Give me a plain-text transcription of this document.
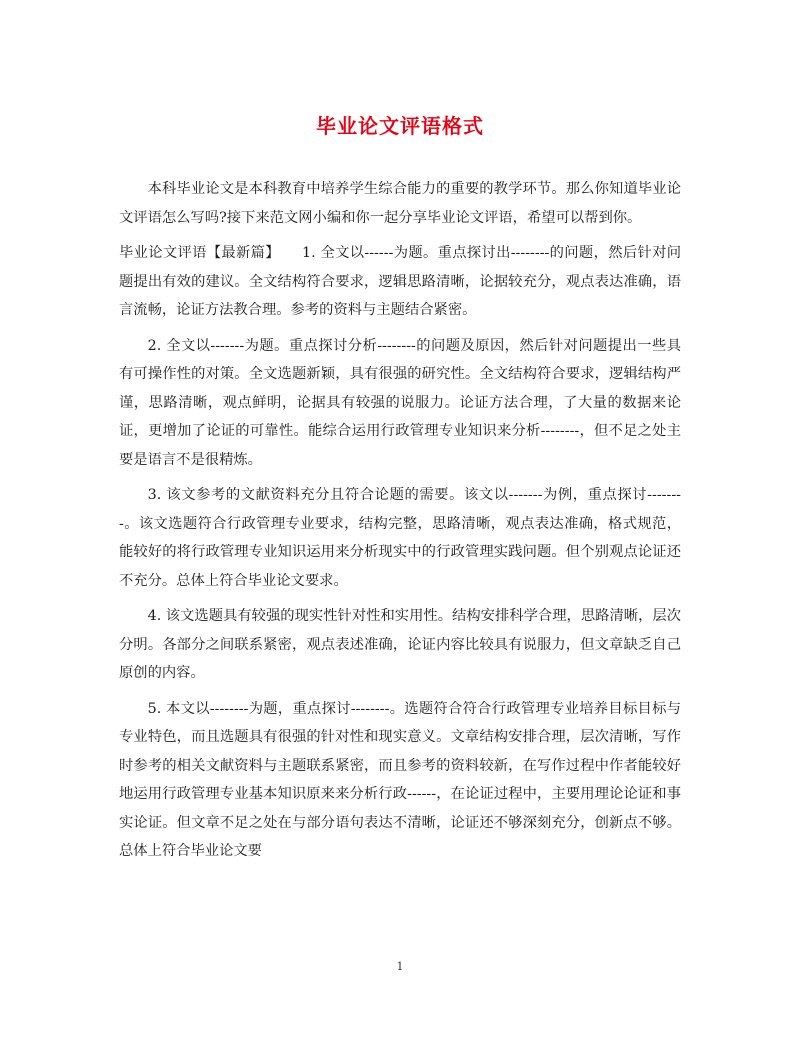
毕业论文评语格式

本科毕业论文是本科教育中培养学生综合能力的重要的教学环节。那么你知道毕业论文评语怎么写吗?接下来范文网小编和你一起分享毕业论文评语，希望可以帮到你。

毕业论文评语【最新篇】　　1. 全文以------为题。重点探讨出--------的问题，然后针对问题提出有效的建议。全文结构符合要求，逻辑思路清晰，论据较充分，观点表达准确，语言流畅，论证方法教合理。参考的资料与主题结合紧密。

2. 全文以-------为题。重点探讨分析--------的问题及原因，然后针对问题提出一些具有可操作性的对策。全文选题新颖，具有很强的研究性。全文结构符合要求，逻辑结构严谨，思路清晰，观点鲜明，论据具有较强的说服力。论证方法合理，了大量的数据来论证，更增加了论证的可靠性。能综合运用行政管理专业知识来分析--------，但不足之处主要是语言不是很精炼。

3. 该文参考的文献资料充分且符合论题的需要。该文以-------为例，重点探讨--------。该文选题符合行政管理专业要求，结构完整，思路清晰，观点表达准确，格式规范，能较好的将行政管理专业知识运用来分析现实中的行政管理实践问题。但个别观点论证还不充分。总体上符合毕业论文要求。

4. 该文选题具有较强的现实性针对性和实用性。结构安排科学合理，思路清晰，层次分明。各部分之间联系紧密，观点表述准确，论证内容比较具有说服力，但文章缺乏自己原创的内容。

5. 本文以--------为题，重点探讨--------。选题符合符合行政管理专业培养目标目标与专业特色，而且选题具有很强的针对性和现实意义。文章结构安排合理，层次清晰，写作时参考的相关文献资料与主题联系紧密，而且参考的资料较新，在写作过程中作者能较好地运用行政管理专业基本知识原来来分析行政------，在论证过程中，主要用理论论证和事实论证。但文章不足之处在与部分语句表达不清晰，论证还不够深刻充分，创新点不够。总体上符合毕业论文要

1
